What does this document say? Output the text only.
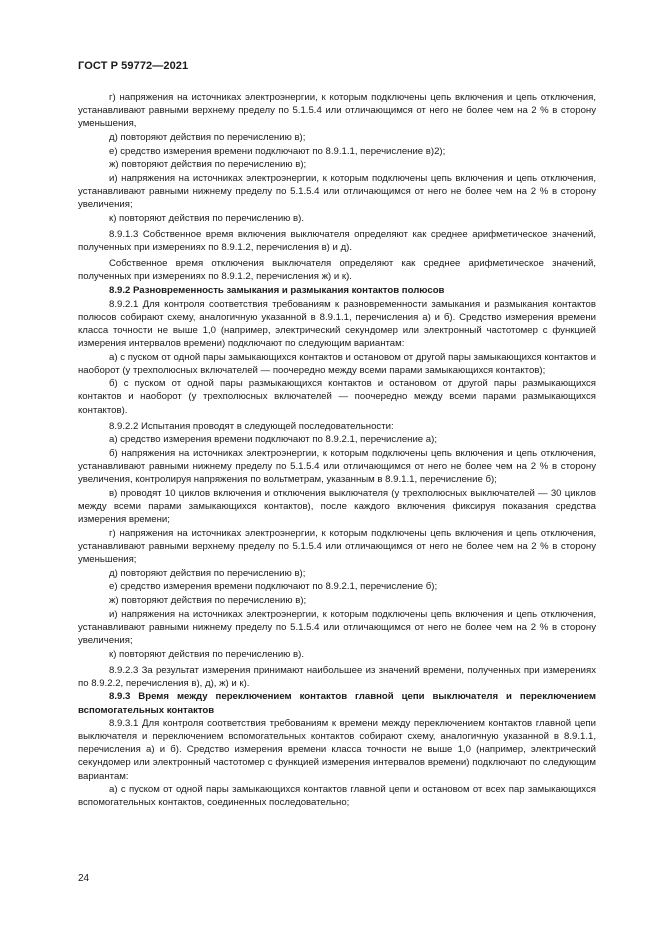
ГОСТ Р 59772—2021

г) напряжения на источниках электроэнергии, к которым подключены цепь включения и цепь отключения, устанавливают равными верхнему пределу по 5.1.5.4 или отличающимся от него не более чем на 2 % в сторону уменьшения,

д) повторяют действия по перечислению в);

е) средство измерения времени подключают по 8.9.1.1, перечисление в)2);

ж) повторяют действия по перечислению в);

и) напряжения на источниках электроэнергии, к которым подключены цепь включения и цепь отключения, устанавливают равными нижнему пределу по 5.1.5.4 или отличающимся от него не более чем на 2 % в сторону увеличения;

к) повторяют действия по перечислению в).

8.9.1.3 Собственное время включения выключателя определяют как среднее арифметическое значений, полученных при измерениях по 8.9.1.2, перечисления в) и д).

Собственное время отключения выключателя определяют как среднее арифметическое значений, полученных при измерениях по 8.9.1.2, перечисления ж) и к).

8.9.2 Разновременность замыкания и размыкания контактов полюсов

8.9.2.1 Для контроля соответствия требованиям к разновременности замыкания и размыкания контактов полюсов собирают схему, аналогичную указанной в 8.9.1.1, перечисления а) и б). Средство измерения времени класса точности не выше 1,0 (например, электрический секундомер или электронный частотомер с функцией измерения интервалов времени) подключают по следующим вариантам:

а) с пуском от одной пары замыкающихся контактов и остановом от другой пары замыкающихся контактов и наоборот (у трехполюсных включателей — поочередно между всеми парами замыкающихся контактов);

б) с пуском от одной пары размыкающихся контактов и остановом от другой пары размыкающихся контактов и наоборот (у трехполюсных включателей — поочередно между всеми парами размыкающихся контактов).

8.9.2.2 Испытания проводят в следующей последовательности:

а) средство измерения времени подключают по 8.9.2.1, перечисление а);

б) напряжения на источниках электроэнергии, к которым подключены цепь включения и цепь отключения, устанавливают равными нижнему пределу по 5.1.5.4 или отличающимся от него не более чем на 2 % в сторону увеличения, контролируя напряжения по вольтметрам, указанным в 8.9.1.1, перечисление б);

в) проводят 10 циклов включения и отключения выключателя (у трехполюсных выключателей — 30 циклов между всеми парами замыкающихся контактов), после каждого включения фиксируя показания средства измерения времени;

г) напряжения на источниках электроэнергии, к которым подключены цепь включения и цепь отключения, устанавливают равными верхнему пределу по 5.1.5.4 или отличающимся от него не более чем на 2 % в сторону уменьшения;

д) повторяют действия по перечислению в);

е) средство измерения времени подключают по 8.9.2.1, перечисление б);

ж) повторяют действия по перечислению в);

и) напряжения на источниках электроэнергии, к которым подключены цепь включения и цепь отключения, устанавливают равными нижнему пределу по 5.1.5.4 или отличающимся от него не более чем на 2 % в сторону увеличения;

к) повторяют действия по перечислению в).

8.9.2.3 За результат измерения принимают наибольшее из значений времени, полученных при измерениях по 8.9.2.2, перечисления в), д), ж) и к).

8.9.3 Время между переключением контактов главной цепи выключателя и переключением вспомогательных контактов

8.9.3.1 Для контроля соответствия требованиям к времени между переключением контактов главной цепи выключателя и переключением вспомогательных контактов собирают схему, аналогичную указанной в 8.9.1.1, перечисления а) и б). Средство измерения времени класса точности не выше 1,0 (например, электрический секундомер или электронный частотомер с функцией измерения интервалов времени) подключают по следующим вариантам:

а) с пуском от одной пары замыкающихся контактов главной цепи и остановом от всех пар замыкающихся вспомогательных контактов, соединенных последовательно;

24
